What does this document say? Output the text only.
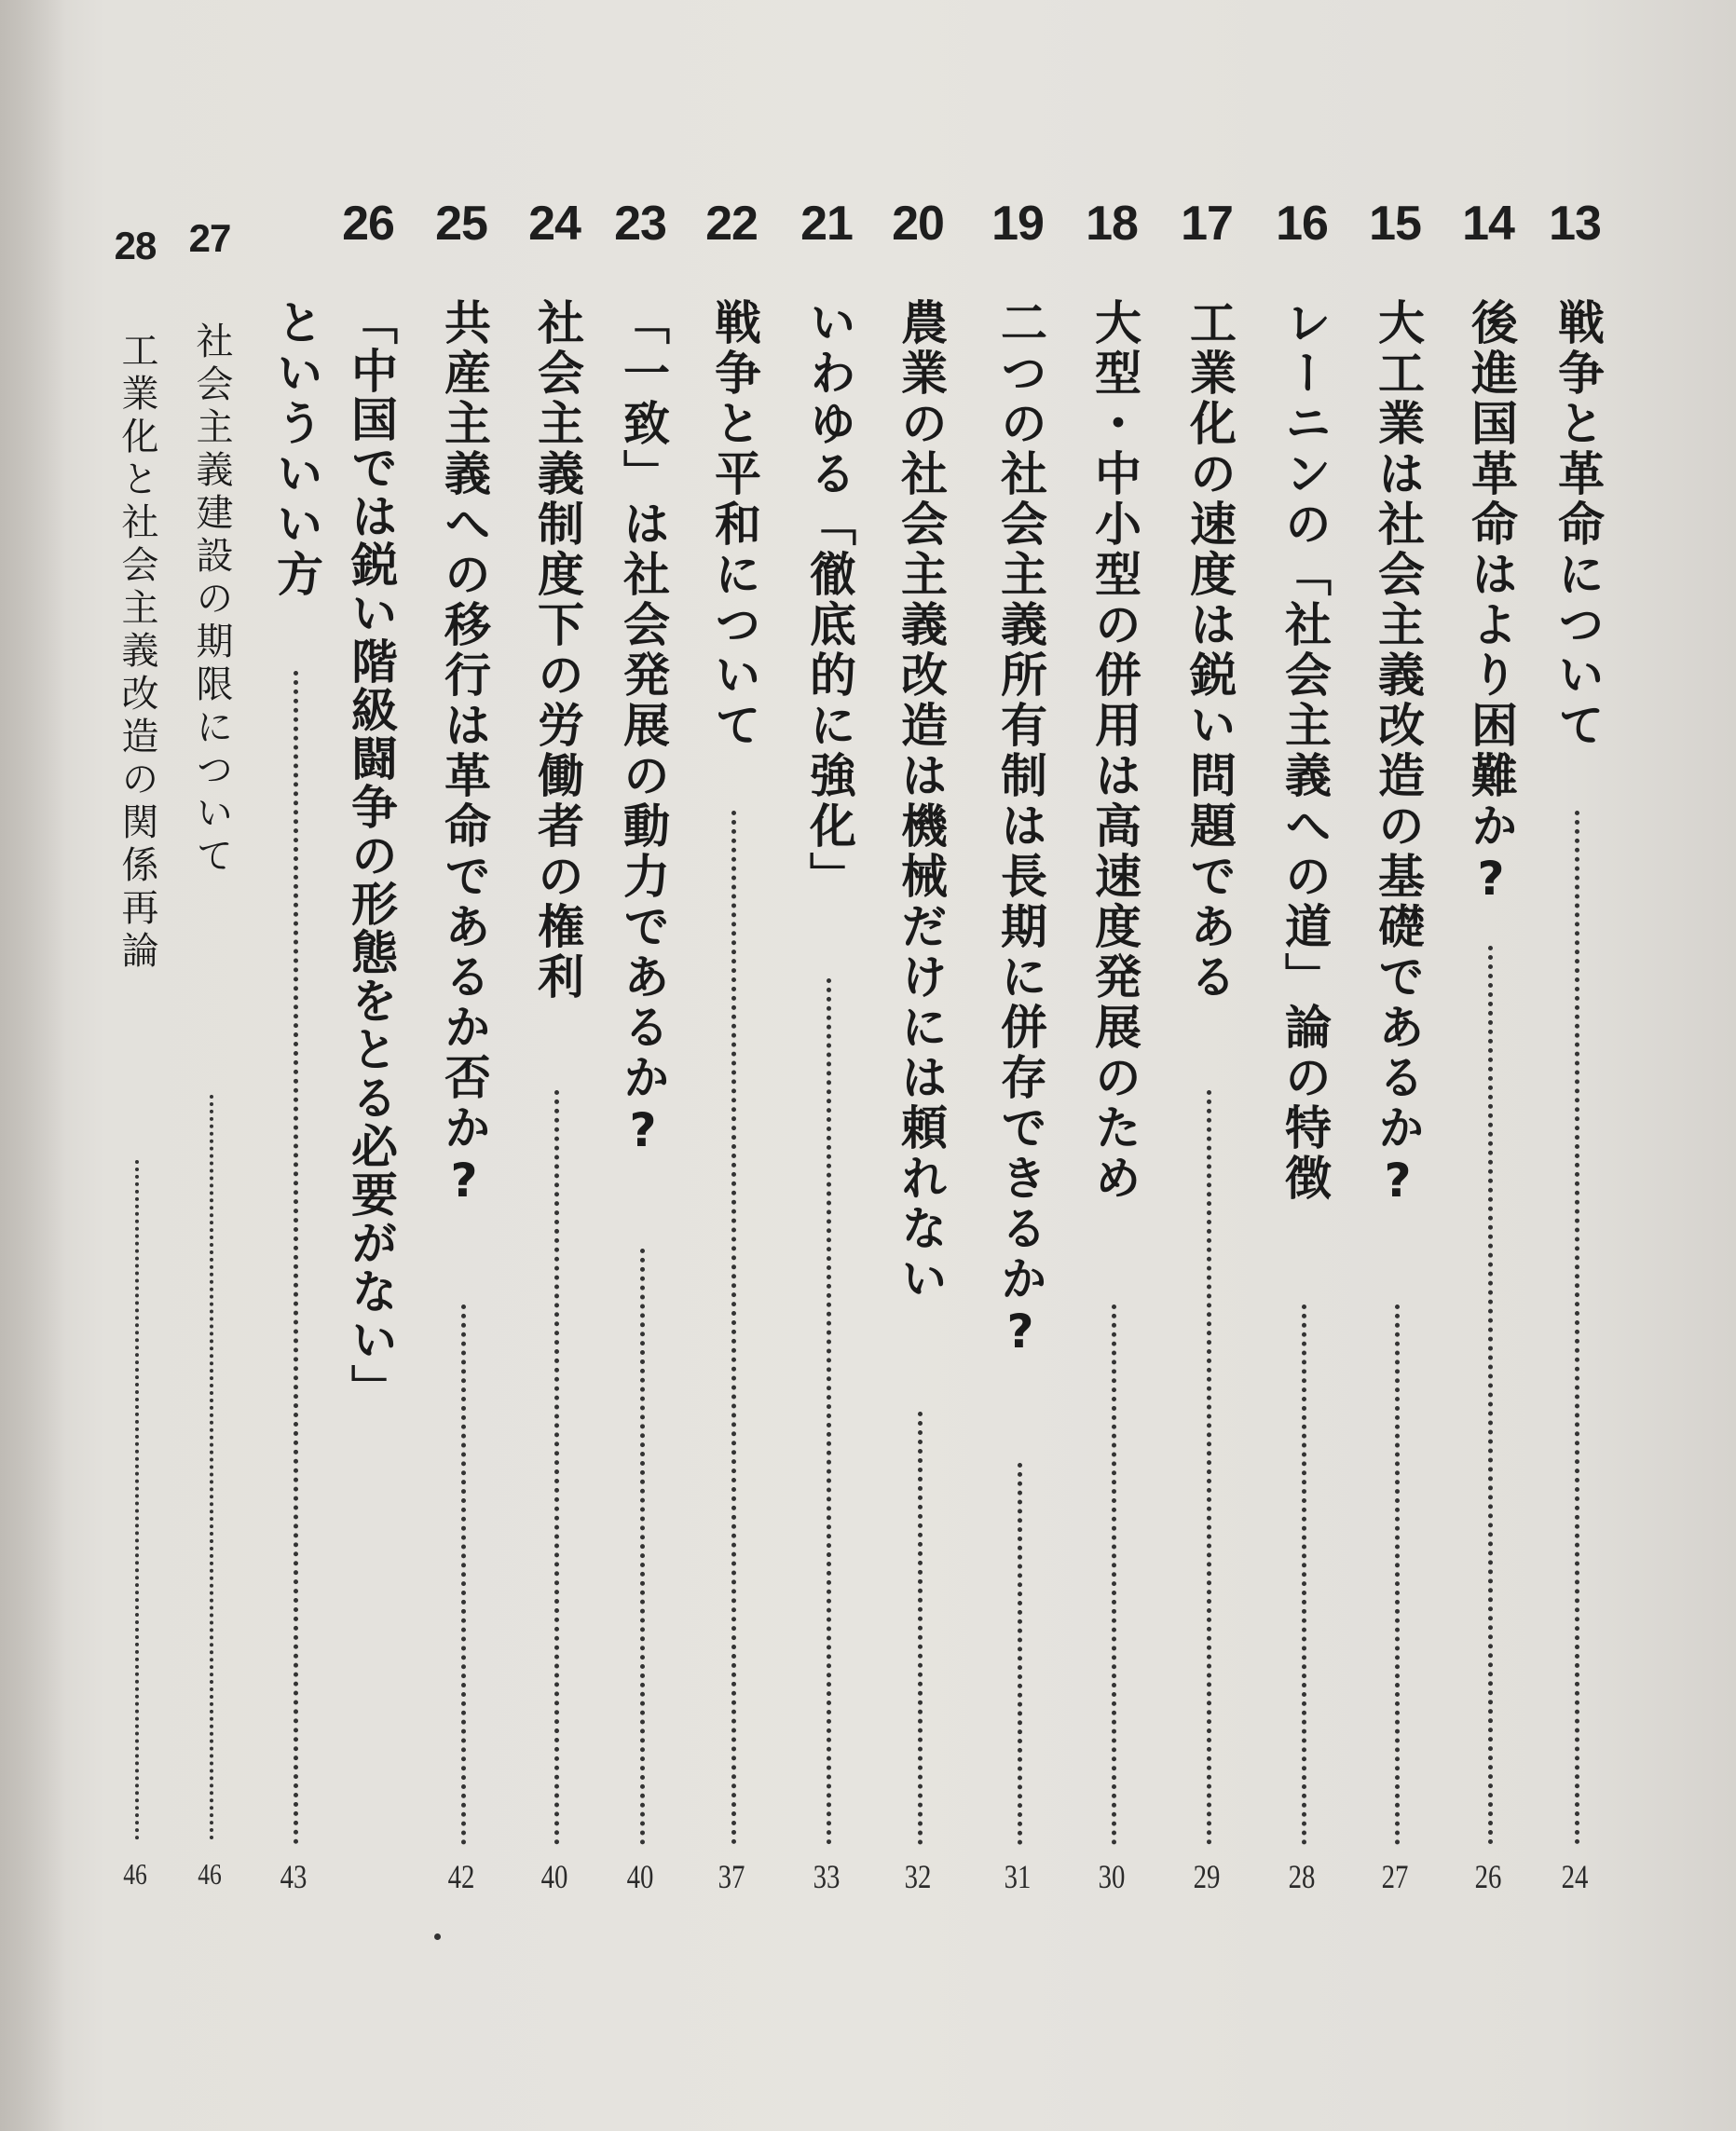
13
戦争と革命について
24
14
後進国革命はより困難か?
26
15
大工業は社会主義改造の基礎であるか?
27
16
レーニンの「社会主義への道」論の特徴
28
17
工業化の速度は鋭い問題である
29
18
大型・中小型の併用は高速度発展のため
30
19
二つの社会主義所有制は長期に併存できるか?
31
20
農業の社会主義改造は機械だけには頼れない
32
21
いわゆる「徹底的に強化」
33
22
戦争と平和について
37
23
「一致」は社会発展の動力であるか?
40
24
社会主義制度下の労働者の権利
40
25
共産主義への移行は革命であるか否か?
42
26
「中国では鋭い階級闘争の形態をとる必要がない」
といういい方
43
27
社会主義建設の期限について
46
28
工業化と社会主義改造の関係再論
46
